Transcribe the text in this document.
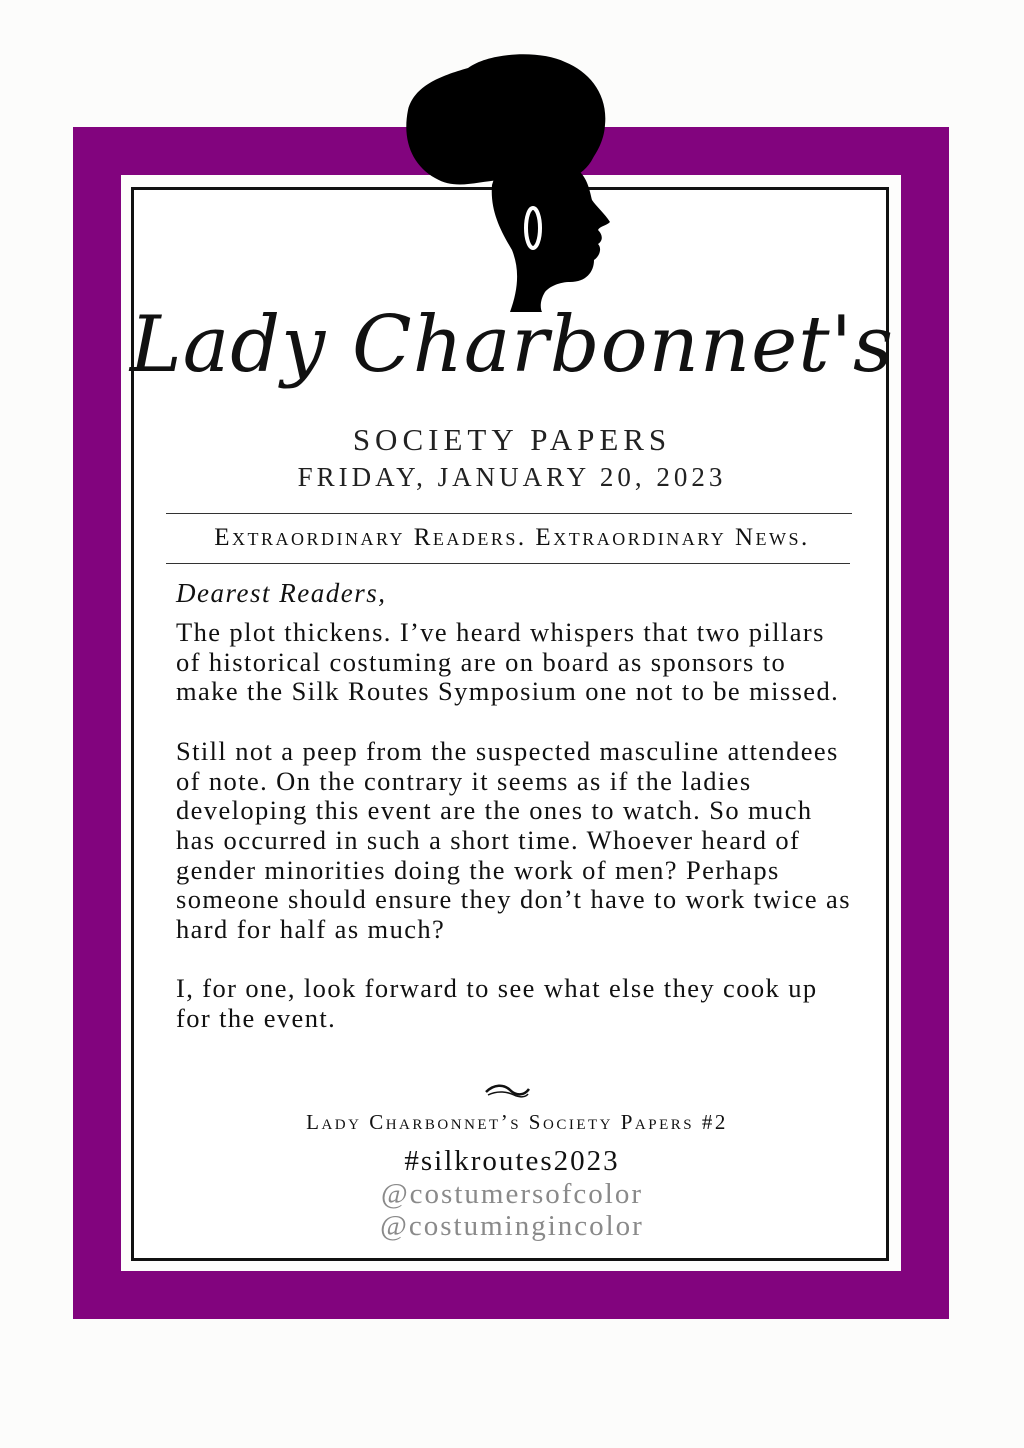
Lady Charbonnet's
SOCIETY PAPERS
FRIDAY, JANUARY 20, 2023
Extraordinary Readers. Extraordinary News.
Dearest Readers,

The plot thickens. I’ve heard whispers that two pillars of historical costuming are on board as sponsors to make the Silk Routes Symposium one not to be missed.

Still not a peep from the suspected masculine attendees of note. On the contrary it seems as if the ladies developing this event are the ones to watch. So much has occurred in such a short time. Whoever heard of gender minorities doing the work of men? Perhaps someone should ensure they don’t have to work twice as hard for half as much?

I, for one, look forward to see what else they cook up for the event.

Lady Charbonnet’s Society Papers #2
#silkroutes2023
@costumersofcolor
@costumingincolor
